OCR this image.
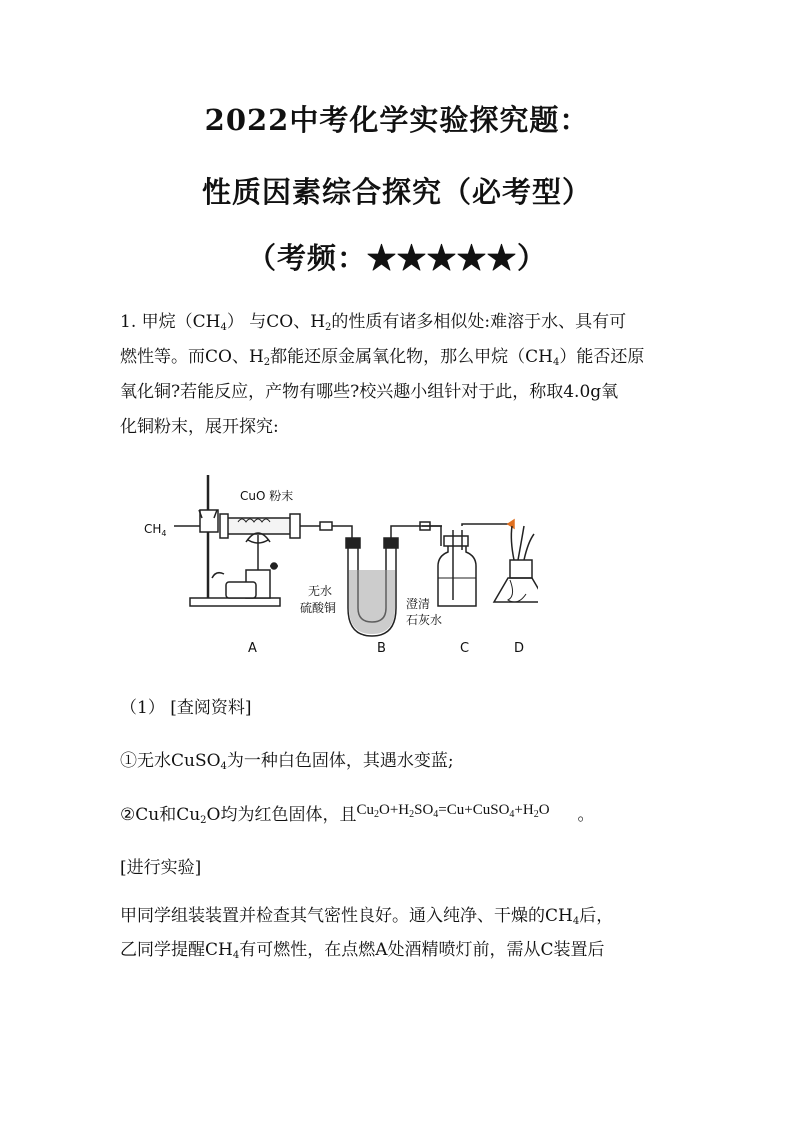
2022中考化学实验探究题：
性质因素综合探究（必考型）
（考频：★★★★★）
1. 甲烷$(CH_4)$ 与CO、$H_2$的性质有诸多相似处:难溶于水、具有可
燃性等。而CO、$H_2$都能还原金属氧化物，那么甲烷$(CH_4)$能否还原
氧化铜?若能反应，产物有哪些?校兴趣小组针对于此，称取4.0g氧
化铜粉末，展开探究:
$CH_4$
CuO 粉末
无水
硫酸铜	澄清
石灰水
A	B	C	D
（1） [查阅资料]
①无水CuSO$_4$为一种白色固体，其遇水变蓝;
②Cu和$Cu_2O$均为红色固体，且$Cu_2O+H_2SO_4=Cu+CuSO_4+H_2O$ 。
[进行实验]
甲同学组装装置并检查其气密性良好。通入纯净、干燥的$CH_4$后，
乙同学提醒$CH_4$有可燃性，在点燃A处酒精喷灯前，需从C装置后
